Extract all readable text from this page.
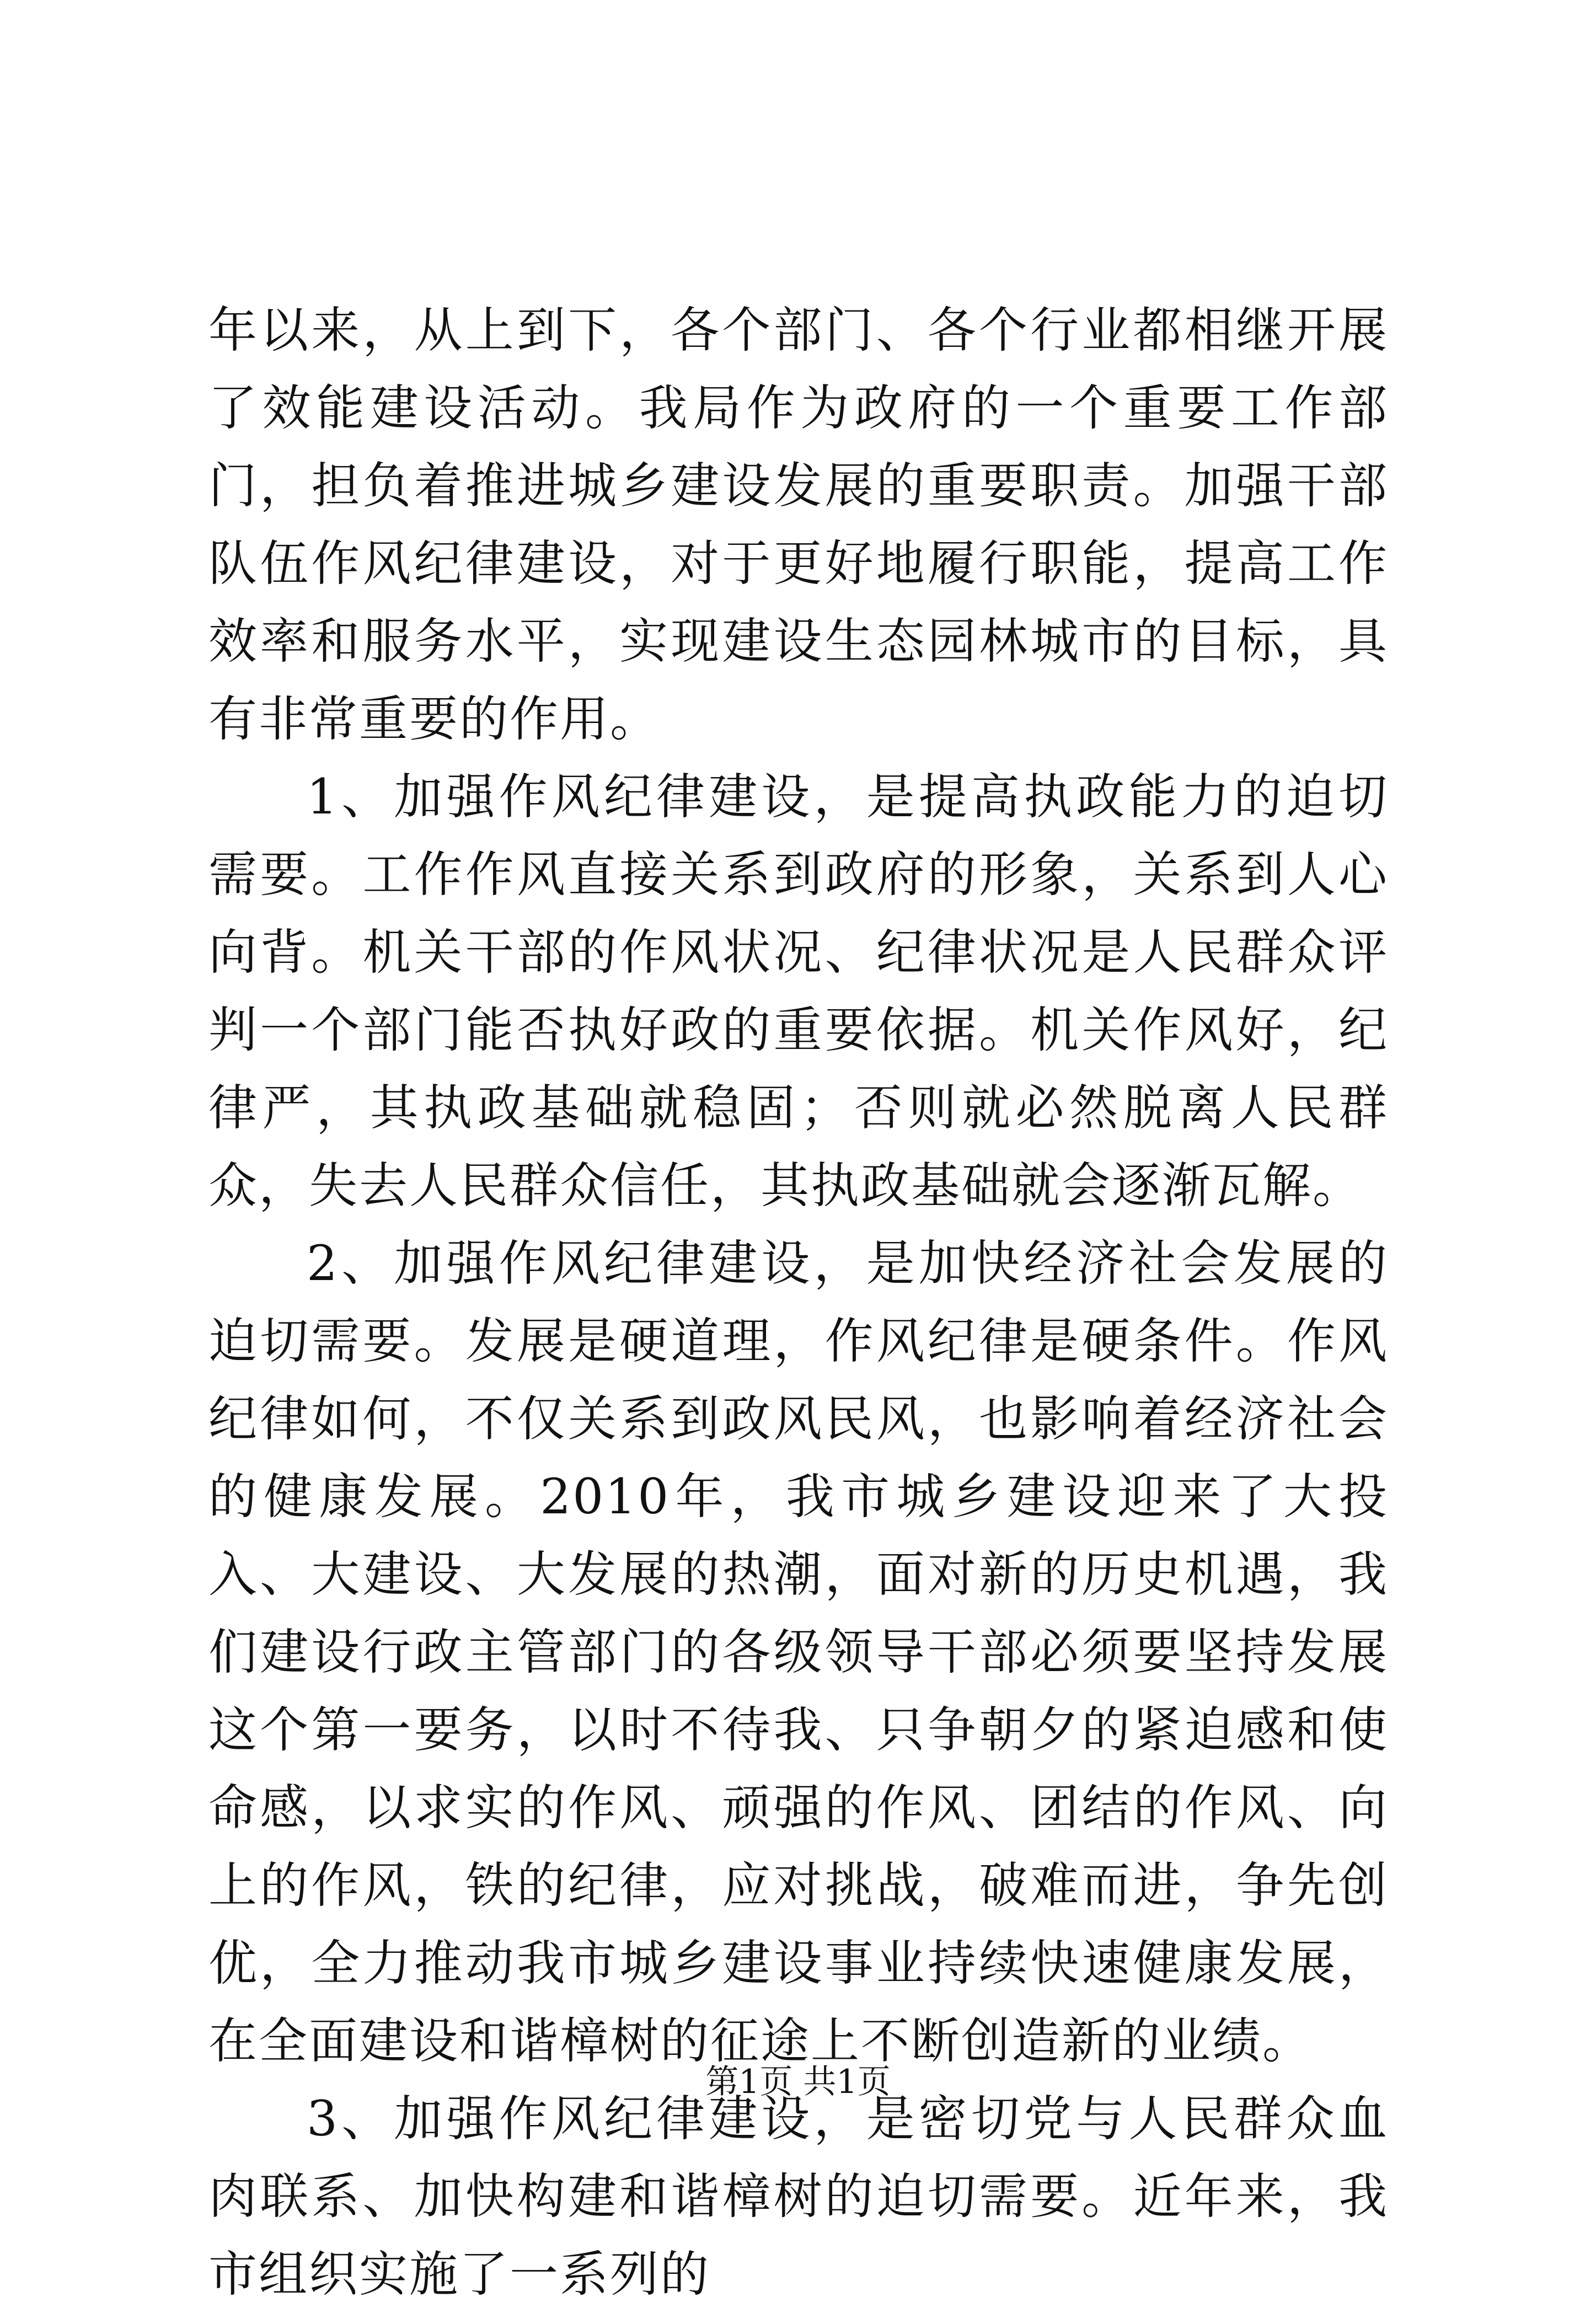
年以来，从上到下，各个部门、各个行业都相继开展了效能建设活动。我局作为政府的一个重要工作部门，担负着推进城乡建设发展的重要职责。加强干部队伍作风纪律建设，对于更好地履行职能，提高工作效率和服务水平，实现建设生态园林城市的目标，具有非常重要的作用。

1、加强作风纪律建设，是提高执政能力的迫切需要。工作作风直接关系到政府的形象，关系到人心向背。机关干部的作风状况、纪律状况是人民群众评判一个部门能否执好政的重要依据。机关作风好，纪律严，其执政基础就稳固；否则就必然脱离人民群众，失去人民群众信任，其执政基础就会逐渐瓦解。

2、加强作风纪律建设，是加快经济社会发展的迫切需要。发展是硬道理，作风纪律是硬条件。作风纪律如何，不仅关系到政风民风，也影响着经济社会的健康发展。2010年，我市城乡建设迎来了大投入、大建设、大发展的热潮，面对新的历史机遇，我们建设行政主管部门的各级领导干部必须要坚持发展这个第一要务，以时不待我、只争朝夕的紧迫感和使命感，以求实的作风、顽强的作风、团结的作风、向上的作风，铁的纪律，应对挑战，破难而进，争先创优，全力推动我市城乡建设事业持续快速健康发展，在全面建设和谐樟树的征途上不断创造新的业绩。

3、加强作风纪律建设，是密切党与人民群众血肉联系、加快构建和谐樟树的迫切需要。近年来，我市组织实施了一系列的

第1页 共1页
